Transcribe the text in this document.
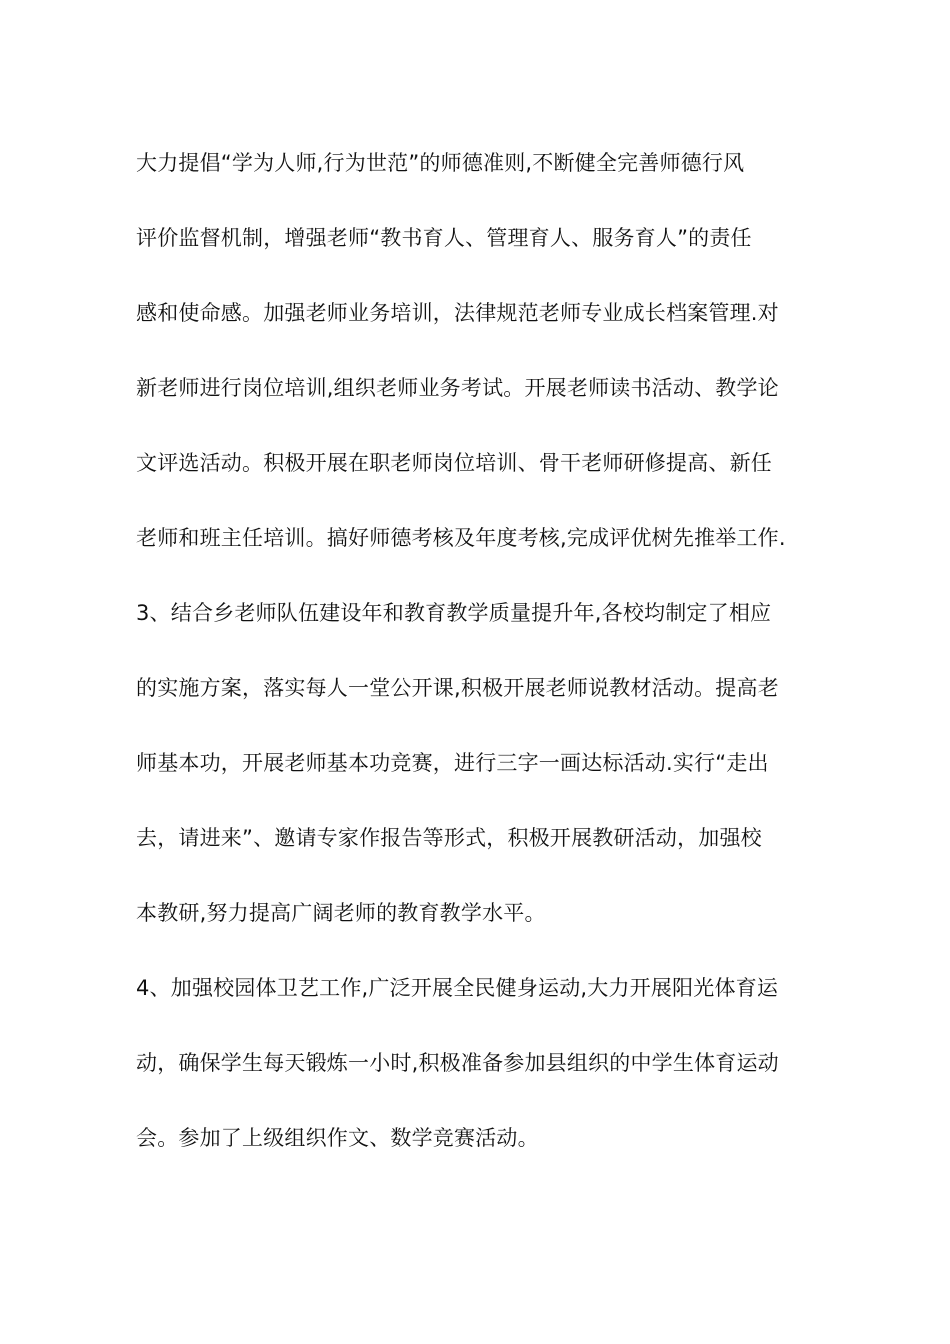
大力提倡“学为人师,行为世范”的师德准则,不断健全完善师德行风
评价监督机制，增强老师“教书育人、管理育人、服务育人”的责任
感和使命感。加强老师业务培训，法律规范老师专业成长档案管理.对
新老师进行岗位培训,组织老师业务考试。开展老师读书活动、教学论
文评选活动。积极开展在职老师岗位培训、骨干老师研修提高、新任
老师和班主任培训。搞好师德考核及年度考核,完成评优树先推举工作.
3、结合乡老师队伍建设年和教育教学质量提升年,各校均制定了相应
的实施方案，落实每人一堂公开课,积极开展老师说教材活动。提高老
师基本功，开展老师基本功竞赛，进行三字一画达标活动.实行“走出
去，请进来”、邀请专家作报告等形式，积极开展教研活动，加强校
本教研,努力提高广阔老师的教育教学水平。
4、加强校园体卫艺工作,广泛开展全民健身运动,大力开展阳光体育运
动，确保学生每天锻炼一小时,积极准备参加县组织的中学生体育运动
会。参加了上级组织作文、数学竞赛活动。
